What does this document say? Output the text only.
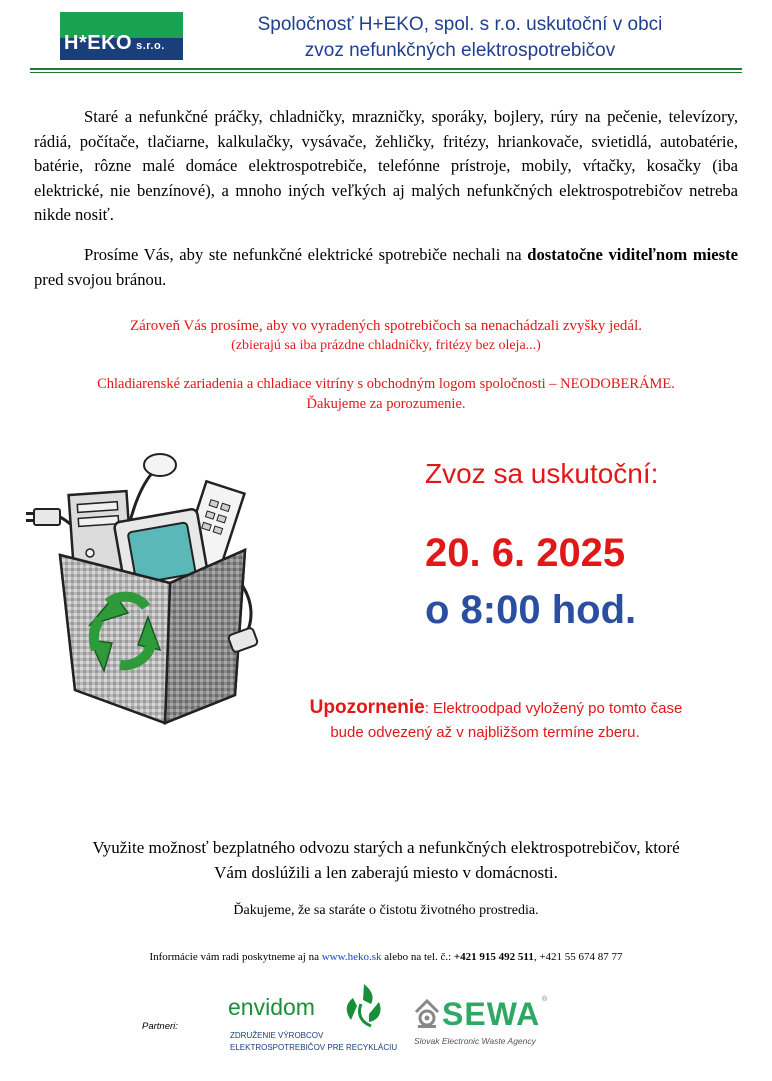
H*EKO s.r.o.
Spoločnosť H+EKO, spol. s r.o. uskutoční v obci
zvoz nefunkčných elektrospotrebičov
Staré a nefunkčné práčky, chladničky, mrazničky, sporáky, bojlery, rúry na pečenie, televízory, rádiá, počítače, tlačiarne, kalkulačky, vysávače, žehličky, fritézy, hriankovače, svietidlá, autobatérie, batérie, rôzne malé domáce elektrospotrebiče, telefónne prístroje, mobily, vŕtačky, kosačky (iba elektrické, nie benzínové), a mnoho iných veľkých aj malých nefunkčných elektrospotrebičov netreba nikde nosiť.
Prosíme Vás, aby ste nefunkčné elektrické spotrebiče nechali na dostatočne viditeľnom mieste pred svojou bránou.
Zároveň Vás prosíme, aby vo vyradených spotrebičoch sa nenachádzali zvyšky jedál.
(zbierajú sa iba prázdne chladničky, fritézy bez oleja...)
Chladiarenské zariadenia a chladiace vitríny s obchodným logom spoločnosti – NEODOBERÁME.
Ďakujeme za porozumenie.
Zvoz sa uskutoční:
20. 6. 2025
o 8:00 hod.
Upozornenie: Elektroodpad vyložený po tomto čase
bude odvezený až v najbližšom termíne zberu.
Využite možnosť bezplatného odvozu starých a nefunkčných elektrospotrebičov, ktoré
Vám doslúžili a len zaberajú miesto v domácnosti.
Ďakujeme, že sa staráte o čistotu životného prostredia.
Informácie vám radi poskytneme aj na www.heko.sk alebo na tel. č.: +421 915 492 511, +421 55 674 87 77
Partneri:
envidom
ZDRUŽENIE VÝROBCOV
ELEKTROSPOTREBIČOV PRE RECYKLÁCIU
SEWA ®
Slovak Electronic Waste Agency
